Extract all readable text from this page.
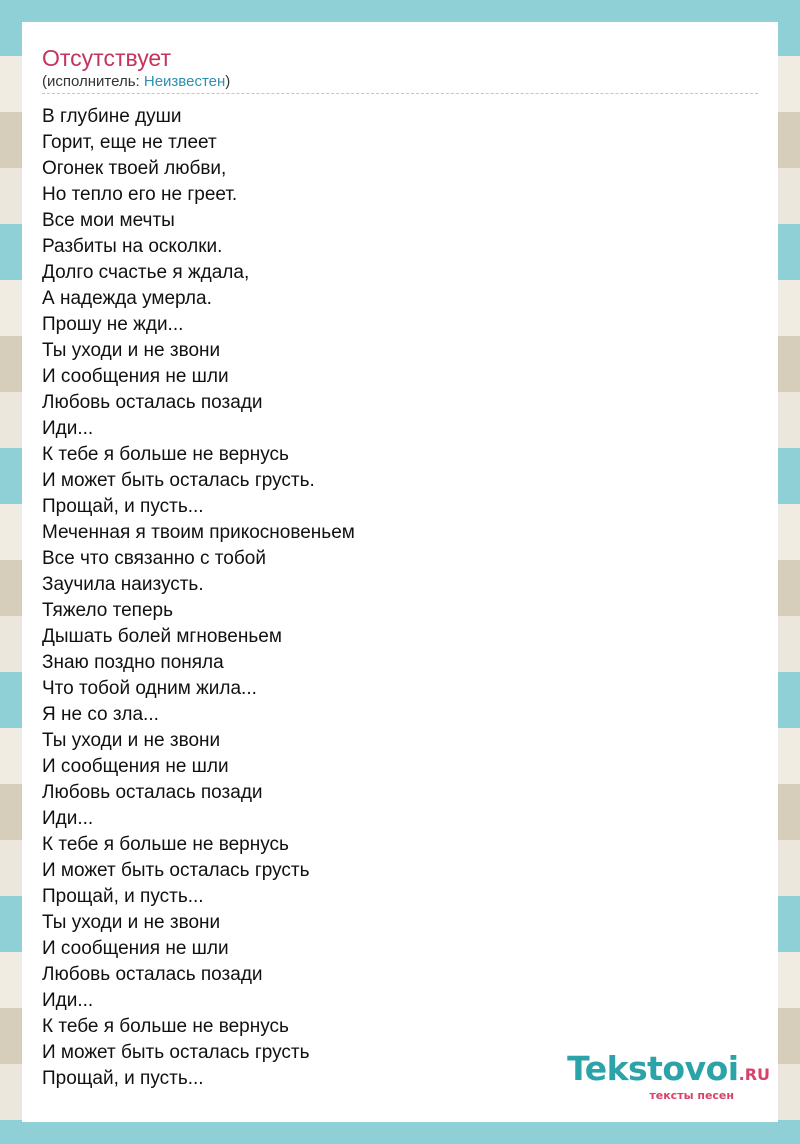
Отсутствует
(исполнитель: Неизвестен)
В глубине души
Горит, еще не тлеет
Огонек твоей любви,
Но тепло его не греет.
Все мои мечты
Разбиты на осколки.
Долго счастье я ждала,
А надежда умерла.
Прошу не жди...
Ты уходи и не звони
И сообщения не шли
Любовь осталась позади
Иди...
К тебе я больше не вернусь
И может быть осталась грусть.
Прощай, и пусть...
Меченная я твоим прикосновеньем
Все что связанно с тобой
Заучила наизусть.
Тяжело теперь
Дышать болей мгновеньем
Знаю поздно поняла
Что тобой одним жила...
Я не со зла...
Ты уходи и не звони
И сообщения не шли
Любовь осталась позади
Иди...
К тебе я больше не вернусь
И может быть осталась грусть
Прощай, и пусть...
Ты уходи и не звони
И сообщения не шли
Любовь осталась позади
Иди...
К тебе я больше не вернусь
И может быть осталась грусть
Прощай, и пусть...	Tekstovoi.RU
тексты песен
